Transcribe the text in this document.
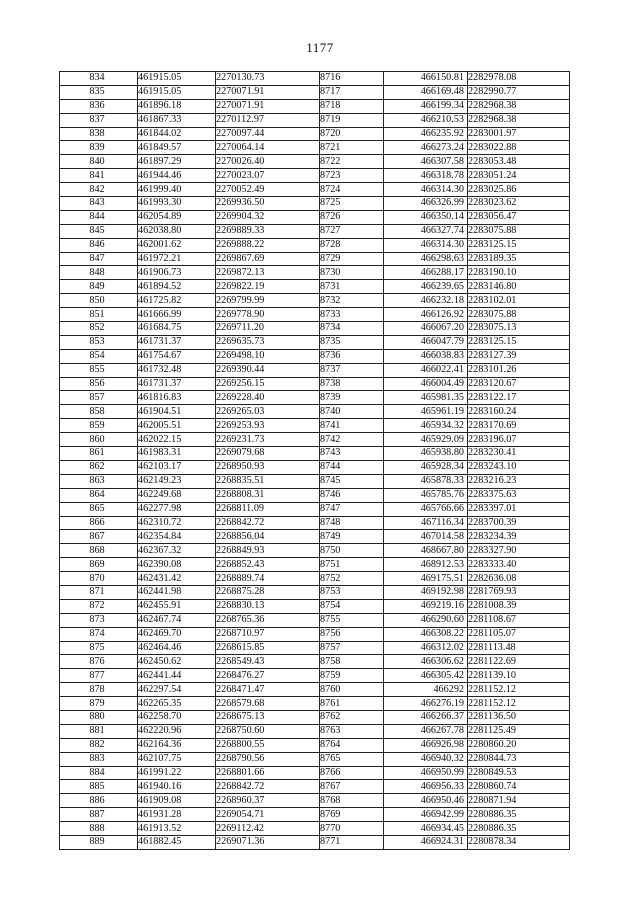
1177
834	461915.05	2270130.73	8716	466150.81	2282978.08
835	461915.05	2270071.91	8717	466169.48	2282990.77
836	461896.18	2270071.91	8718	466199.34	2282968.38
837	461867.33	2270112.97	8719	466210.53	2282968.38
838	461844.02	2270097.44	8720	466235.92	2283001.97
839	461849.57	2270064.14	8721	466273.24	2283022.88
840	461897.29	2270026.40	8722	466307.58	2283053.48
841	461944.46	2270023.07	8723	466318.78	2283051.24
842	461999.40	2270052.49	8724	466314.30	2283025.86
843	461993.30	2269936.50	8725	466326.99	2283023.62
844	462054.89	2269904.32	8726	466350.14	2283056.47
845	462038.80	2269889.33	8727	466327.74	2283075.88
846	462001.62	2269888.22	8728	466314.30	2283125.15
847	461972.21	2269867.69	8729	466298.63	2283189.35
848	461906.73	2269872.13	8730	466288.17	2283190.10
849	461894.52	2269822.19	8731	466239.65	2283146.80
850	461725.82	2269799.99	8732	466232.18	2283102.01
851	461666.99	2269778.90	8733	466126.92	2283075.88
852	461684.75	2269711.20	8734	466067.20	2283075.13
853	461731.37	2269635.73	8735	466047.79	2283125.15
854	461754.67	2269498.10	8736	466038.83	2283127.39
855	461732.48	2269390.44	8737	466022.41	2283101.26
856	461731.37	2269256.15	8738	466004.49	2283120.67
857	461816.83	2269228.40	8739	465981.35	2283122.17
858	461904.51	2269265.03	8740	465961.19	2283160.24
859	462005.51	2269253.93	8741	465934.32	2283170.69
860	462022.15	2269231.73	8742	465929.09	2283196.07
861	461983.31	2269079.68	8743	465938.80	2283230.41
862	462103.17	2268950.93	8744	465928.34	2283243.10
863	462149.23	2268835.51	8745	465878.33	2283216.23
864	462249.68	2268808.31	8746	465785.76	2283375.63
865	462277.98	2268811.09	8747	465766.66	2283397.01
866	462310.72	2268842.72	8748	467116.34	2283700.39
867	462354.84	2268856.04	8749	467014.58	2283234.39
868	462367.32	2268849.93	8750	468667.80	2283327.90
869	462390.08	2268852.43	8751	468912.53	2283333.40
870	462431.42	2268889.74	8752	469175.51	2282636.08
871	462441.98	2268875.28	8753	469192.98	2281769.93
872	462455.91	2268830.13	8754	469219.16	2281008.39
873	462467.74	2268765.36	8755	466290.60	2281108.67
874	462469.70	2268710.97	8756	466308.22	2281105.07
875	462464.46	2268615.85	8757	466312.02	2281113.48
876	462450.62	2268549.43	8758	466306.62	2281122.69
877	462441.44	2268476.27	8759	466305.42	2281139.10
878	462297.54	2268471.47	8760	466292	2281152.12
879	462265.35	2268579.68	8761	466276.19	2281152.12
880	462258.70	2268675.13	8762	466266.37	2281136.50
881	462220.96	2268750.60	8763	466267.78	2281125.49
882	462164.36	2268800.55	8764	466926.98	2280860.20
883	462107.75	2268790.56	8765	466940.32	2280844.73
884	461991.22	2268801.66	8766	466950.99	2280849.53
885	461940.16	2268842.72	8767	466956.33	2280860.74
886	461909.08	2268960.37	8768	466950.46	2280871.94
887	461931.28	2269054.71	8769	466942.99	2280886.35
888	461913.52	2269112.42	8770	466934.45	2280886.35
889	461882.45	2269071.36	8771	466924.31	2280878.34
